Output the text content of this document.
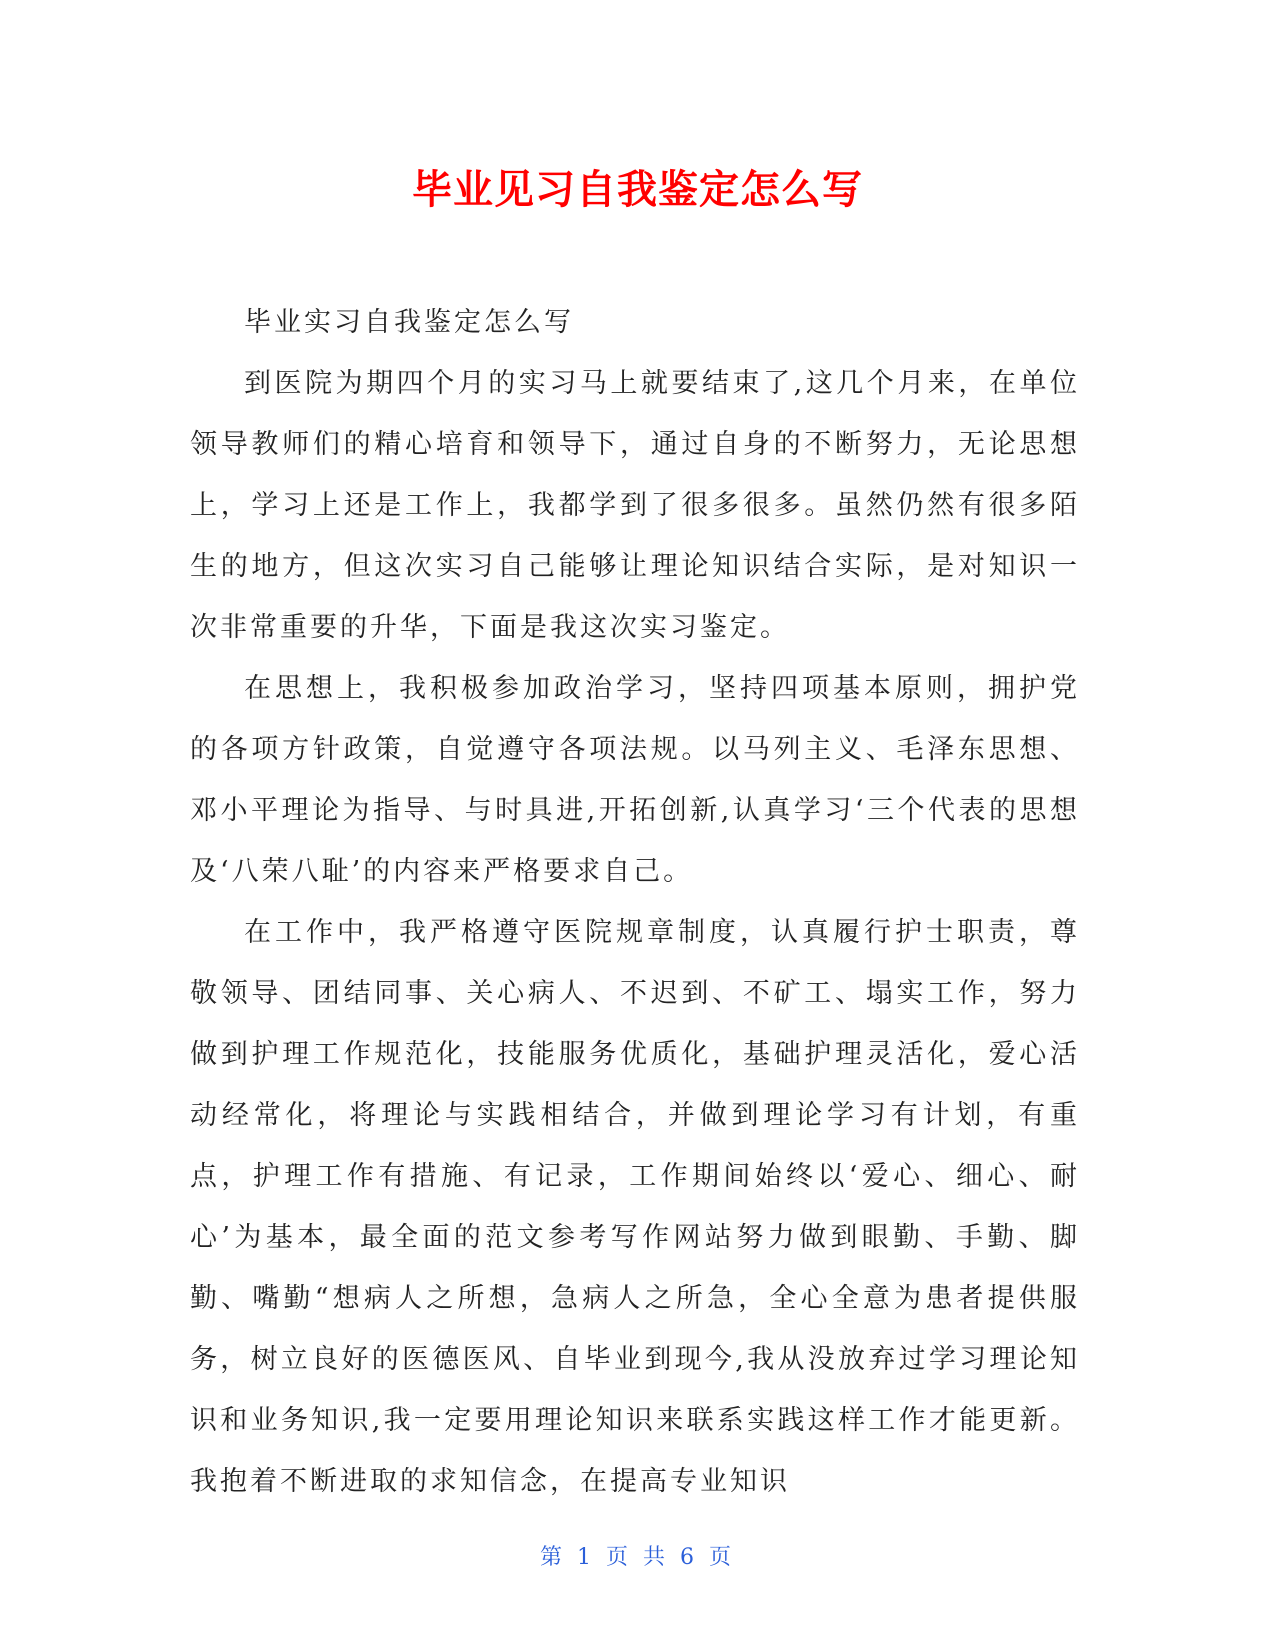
毕业见习自我鉴定怎么写

毕业实习自我鉴定怎么写

到医院为期四个月的实习马上就要结束了,这几个月来，在单位领导教师们的精心培育和领导下，通过自身的不断努力，无论思想上，学习上还是工作上，我都学到了很多很多。虽然仍然有很多陌生的地方，但这次实习自己能够让理论知识结合实际，是对知识一次非常重要的升华，下面是我这次实习鉴定。

在思想上，我积极参加政治学习，坚持四项基本原则，拥护党的各项方针政策，自觉遵守各项法规。以马列主义、毛泽东思想、邓小平理论为指导、与时具进,开拓创新,认真学习‘三个代表的思想及‘八荣八耻’的内容来严格要求自己。

在工作中，我严格遵守医院规章制度，认真履行护士职责，尊敬领导、团结同事、关心病人、不迟到、不矿工、塌实工作，努力做到护理工作规范化，技能服务优质化，基础护理灵活化，爱心活动经常化，将理论与实践相结合，并做到理论学习有计划，有重点，护理工作有措施、有记录，工作期间始终以‘爱心、细心、耐心’为基本，最全面的范文参考写作网站努力做到眼勤、手勤、脚勤、嘴勤“想病人之所想，急病人之所急，全心全意为患者提供服务，树立良好的医德医风、自毕业到现今,我从没放弃过学习理论知识和业务知识,我一定要用理论知识来联系实践这样工作才能更新。我抱着不断进取的求知信念，在提高专业知识

第 1 页 共 6 页
